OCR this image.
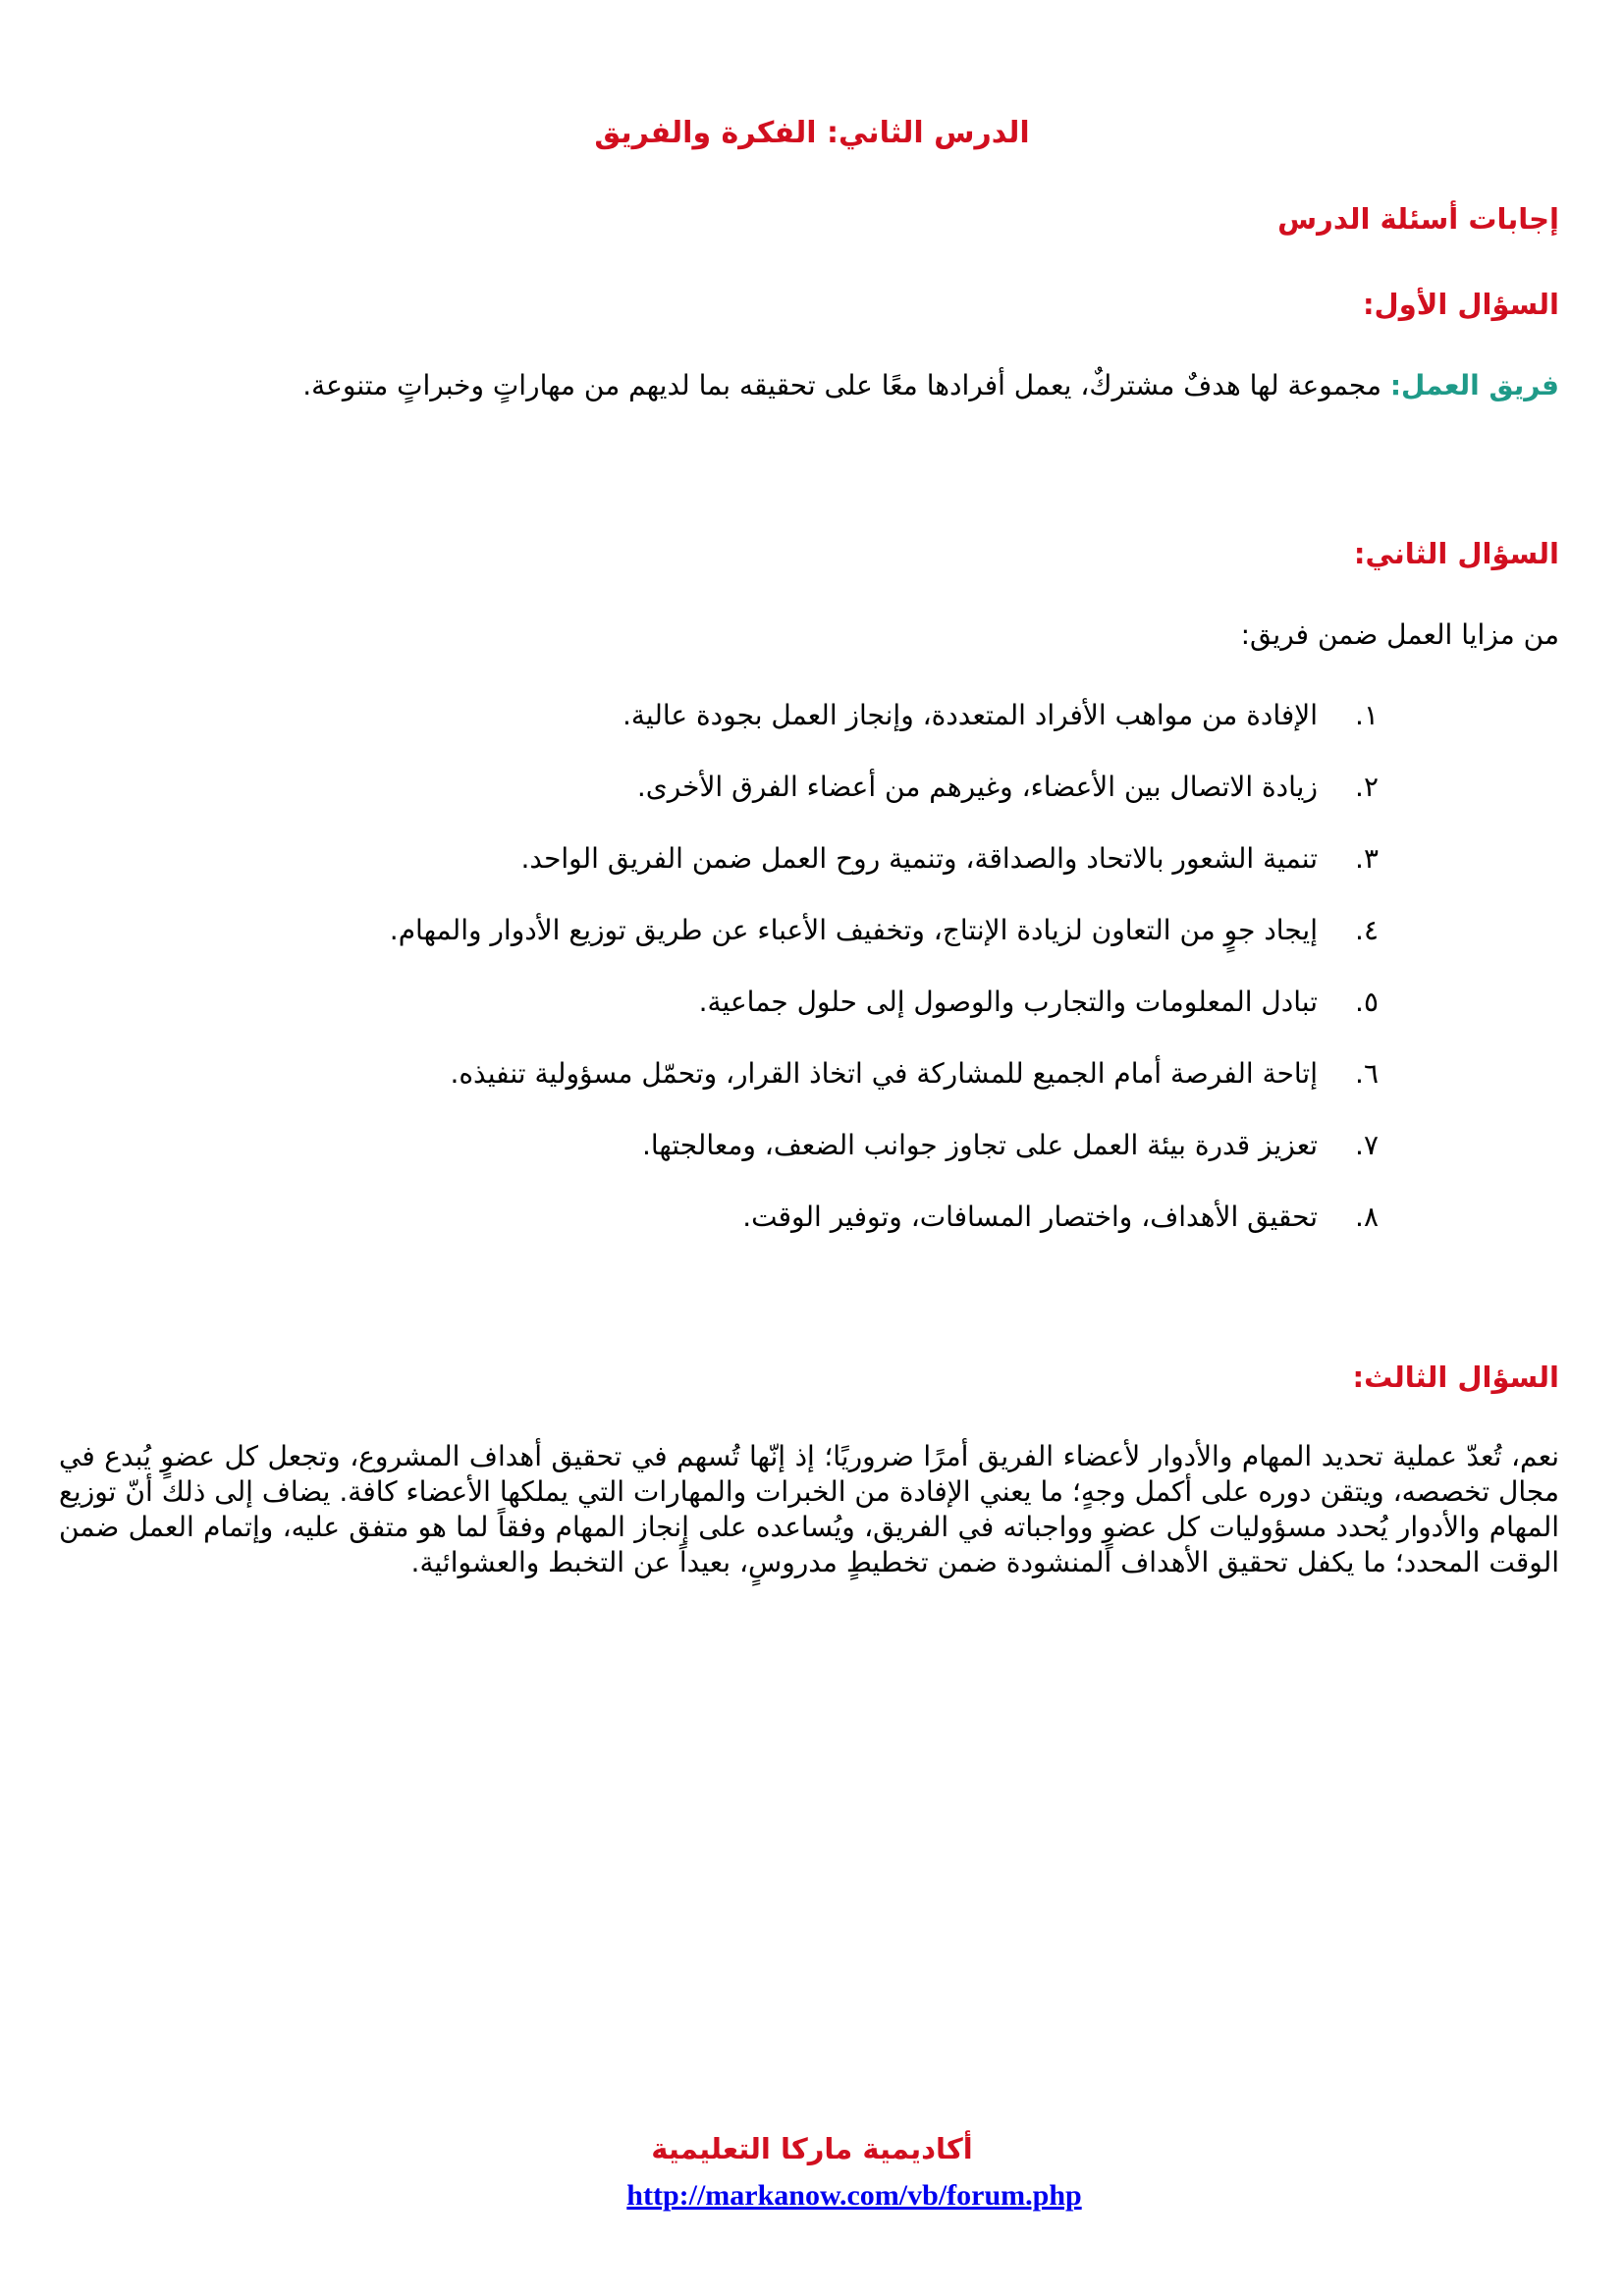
الدرس الثاني: الفكرة والفريق
إجابات أسئلة الدرس
السؤال الأول:
فريق العمل: مجموعة لها هدفٌ مشتركٌ، يعمل أفرادها معًا على تحقيقه بما لديهم من مهاراتٍ وخبراتٍ متنوعة.
السؤال الثاني:
من مزايا العمل ضمن فريق:
١.
الإفادة من مواهب الأفراد المتعددة، وإنجاز العمل بجودة عالية.
٢.
زيادة الاتصال بين الأعضاء، وغيرهم من أعضاء الفرق الأخرى.
٣.
تنمية الشعور بالاتحاد والصداقة، وتنمية روح العمل ضمن الفريق الواحد.
٤.
إيجاد جوٍ من التعاون لزيادة الإنتاج، وتخفيف الأعباء عن طريق توزيع الأدوار والمهام.
٥.
تبادل المعلومات والتجارب والوصول إلى حلول جماعية.
٦.
إتاحة الفرصة أمام الجميع للمشاركة في اتخاذ القرار، وتحمّل مسؤولية تنفيذه.
٧.
تعزيز قدرة بيئة العمل على تجاوز جوانب الضعف، ومعالجتها.
٨.
تحقيق الأهداف، واختصار المسافات، وتوفير الوقت.
السؤال الثالث:
نعم، تُعدّ عملية تحديد المهام والأدوار لأعضاء الفريق أمرًا ضروريًا؛ إذ إنّها تُسهم في تحقيق أهداف المشروع، وتجعل كل عضوٍ يُبدع في مجال تخصصه، ويتقن دوره على أكمل وجهٍ؛ ما يعني الإفادة من الخبرات والمهارات التي يملكها الأعضاء كافة. يضاف إلى ذلك أنّ توزيع المهام والأدوار يُحدد مسؤوليات كل عضوٍ وواجباته في الفريق، ويُساعده على إنجاز المهام وفقاً لما هو متفق عليه، وإتمام العمل ضمن الوقت المحدد؛ ما يكفل تحقيق الأهداف المنشودة ضمن تخطيطٍ مدروسٍ، بعيداً عن التخبط والعشوائية.
أكاديمية ماركا التعليمية
http://markanow.com/vb/forum.php
